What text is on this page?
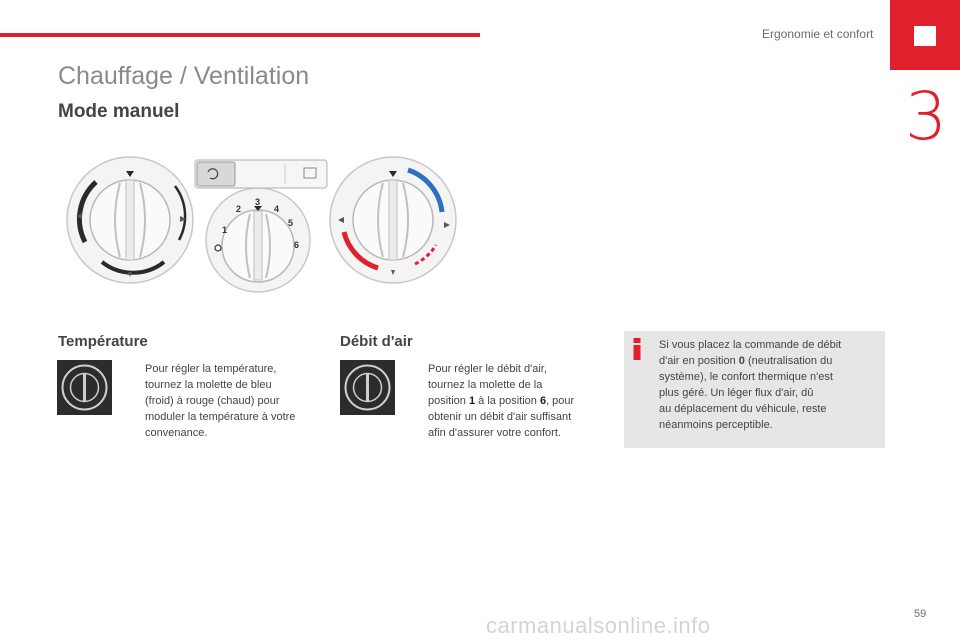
Ergonomie et confort
3
Chauffage / Ventilation
Mode manuel
1
2
3
4
5
6
Température
Pour régler la température,
tournez la molette de bleu
(froid) à rouge (chaud) pour
moduler la température à votre
convenance.
Débit d'air
Pour régler le débit d'air,
tournez la molette de la
position 1 à la position 6, pour
obtenir un débit d'air suffisant
afin d'assurer votre confort.
Si vous placez la commande de débit
d'air en position 0 (neutralisation du
système), le confort thermique n'est
plus géré. Un léger flux d'air, dû
au déplacement du véhicule, reste
néanmoins perceptible.
59
carmanualsonline.info
